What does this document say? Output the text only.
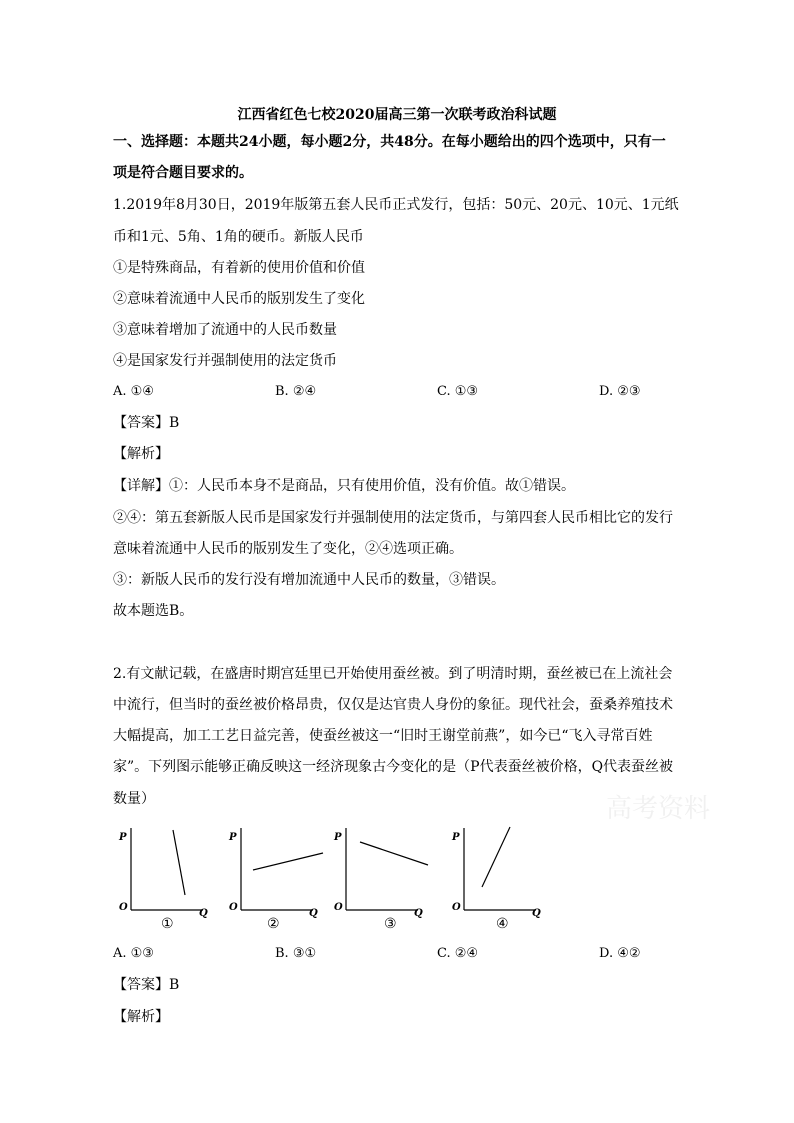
高考资料
江西省红色七校2020届高三第一次联考政治科试题
一、选择题：本题共24小题，每小题2分，共48分。在每小题给出的四个选项中，只有一
项是符合题目要求的。
1.2019年8月30日，2019年版第五套人民币正式发行，包括：50元、20元、10元、1元纸
币和1元、5角、1角的硬币。新版人民币
①是特殊商品，有着新的使用价值和价值
②意味着流通中人民币的版别发生了变化
③意味着增加了流通中的人民币数量
④是国家发行并强制使用的法定货币
A. ①④	B. ②④	C. ①③	D. ②③
【答案】B
【解析】
【详解】①：人民币本身不是商品，只有使用价值，没有价值。故①错误。
②④：第五套新版人民币是国家发行并强制使用的法定货币，与第四套人民币相比它的发行
意味着流通中人民币的版别发生了变化，②④选项正确。
③：新版人民币的发行没有增加流通中人民币的数量，③错误。
故本题选B。
2.有文献记载，在盛唐时期宫廷里已开始使用蚕丝被。到了明清时期，蚕丝被已在上流社会
中流行，但当时的蚕丝被价格昂贵，仅仅是达官贵人身份的象征。现代社会，蚕桑养殖技术
大幅提高，加工工艺日益完善，使蚕丝被这一“旧时王谢堂前燕”，如今已“飞入寻常百姓
家”。下列图示能够正确反映这一经济现象古今变化的是（P代表蚕丝被价格，Q代表蚕丝被
数量）
P
O
Q
①
P
O
Q
②
P
O
Q
③
P
O
Q
④
A. ①③	B. ③①	C. ②④	D. ④②
【答案】B
【解析】
